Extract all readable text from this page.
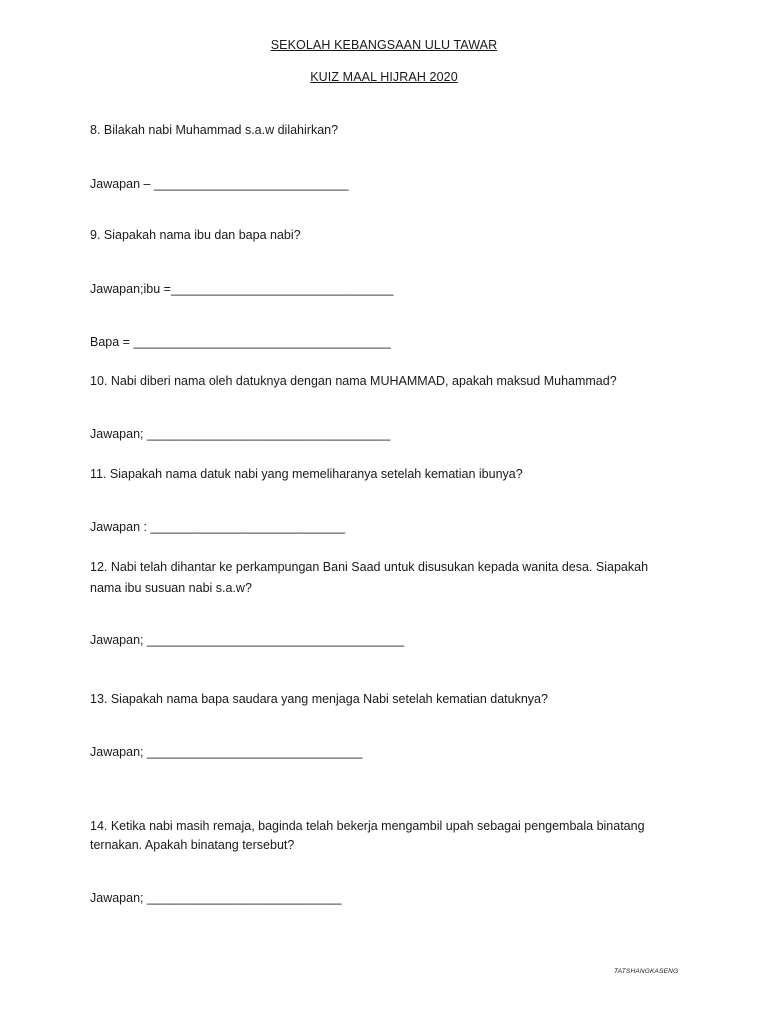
SEKOLAH KEBANGSAAN ULU TAWAR
KUIZ MAAL HIJRAH 2020
8. Bilakah nabi Muhammad s.a.w dilahirkan?
Jawapan – ____________________________
9. Siapakah nama ibu dan bapa nabi?
Jawapan;ibu =________________________________
Bapa = _____________________________________
10. Nabi diberi nama oleh datuknya dengan nama MUHAMMAD, apakah maksud Muhammad?
Jawapan; ___________________________________
11. Siapakah nama datuk nabi yang memeliharanya setelah kematian ibunya?
Jawapan : ____________________________
12. Nabi telah dihantar ke perkampungan Bani Saad untuk disusukan kepada wanita desa. Siapakah
nama ibu susuan nabi s.a.w?
Jawapan; _____________________________________
13. Siapakah nama bapa saudara yang menjaga Nabi setelah kematian datuknya?
Jawapan; _______________________________
14. Ketika nabi masih remaja, baginda telah bekerja mengambil upah sebagai pengembala binatang
ternakan. Apakah binatang tersebut?
Jawapan; ____________________________
TATSHANGKASENG
